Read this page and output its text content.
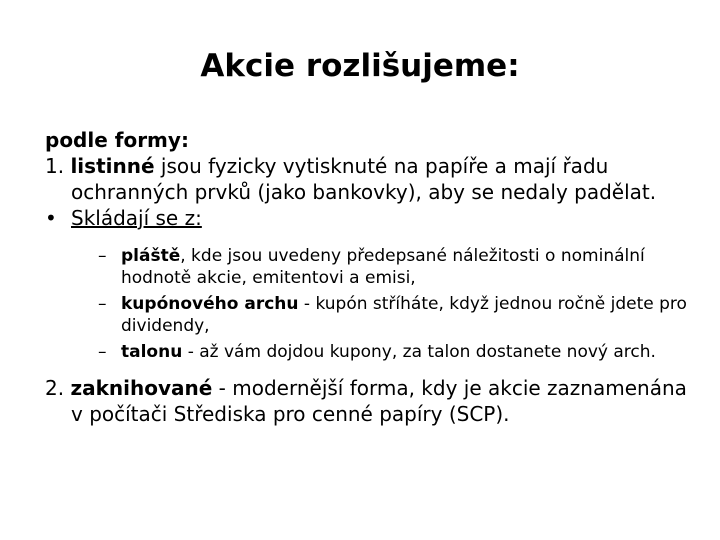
Akcie rozlišujeme:

podle formy:

1. listinné jsou fyzicky vytisknuté na papíře a mají řadu ochranných prvků (jako bankovky), aby se nedaly padělat.

• Skládají se z:
– pláště, kde jsou uvedeny předepsané náležitosti o nominální hodnotě akcie, emitentovi a emisi,
– kupónového archu - kupón stříháte, když jednou ročně jdete pro dividendy,
– talonu - až vám dojdou kupony, za talon dostanete nový arch.

2. zaknihované - modernější forma, kdy je akcie zaznamenána v počítači Střediska pro cenné papíry (SCP).
